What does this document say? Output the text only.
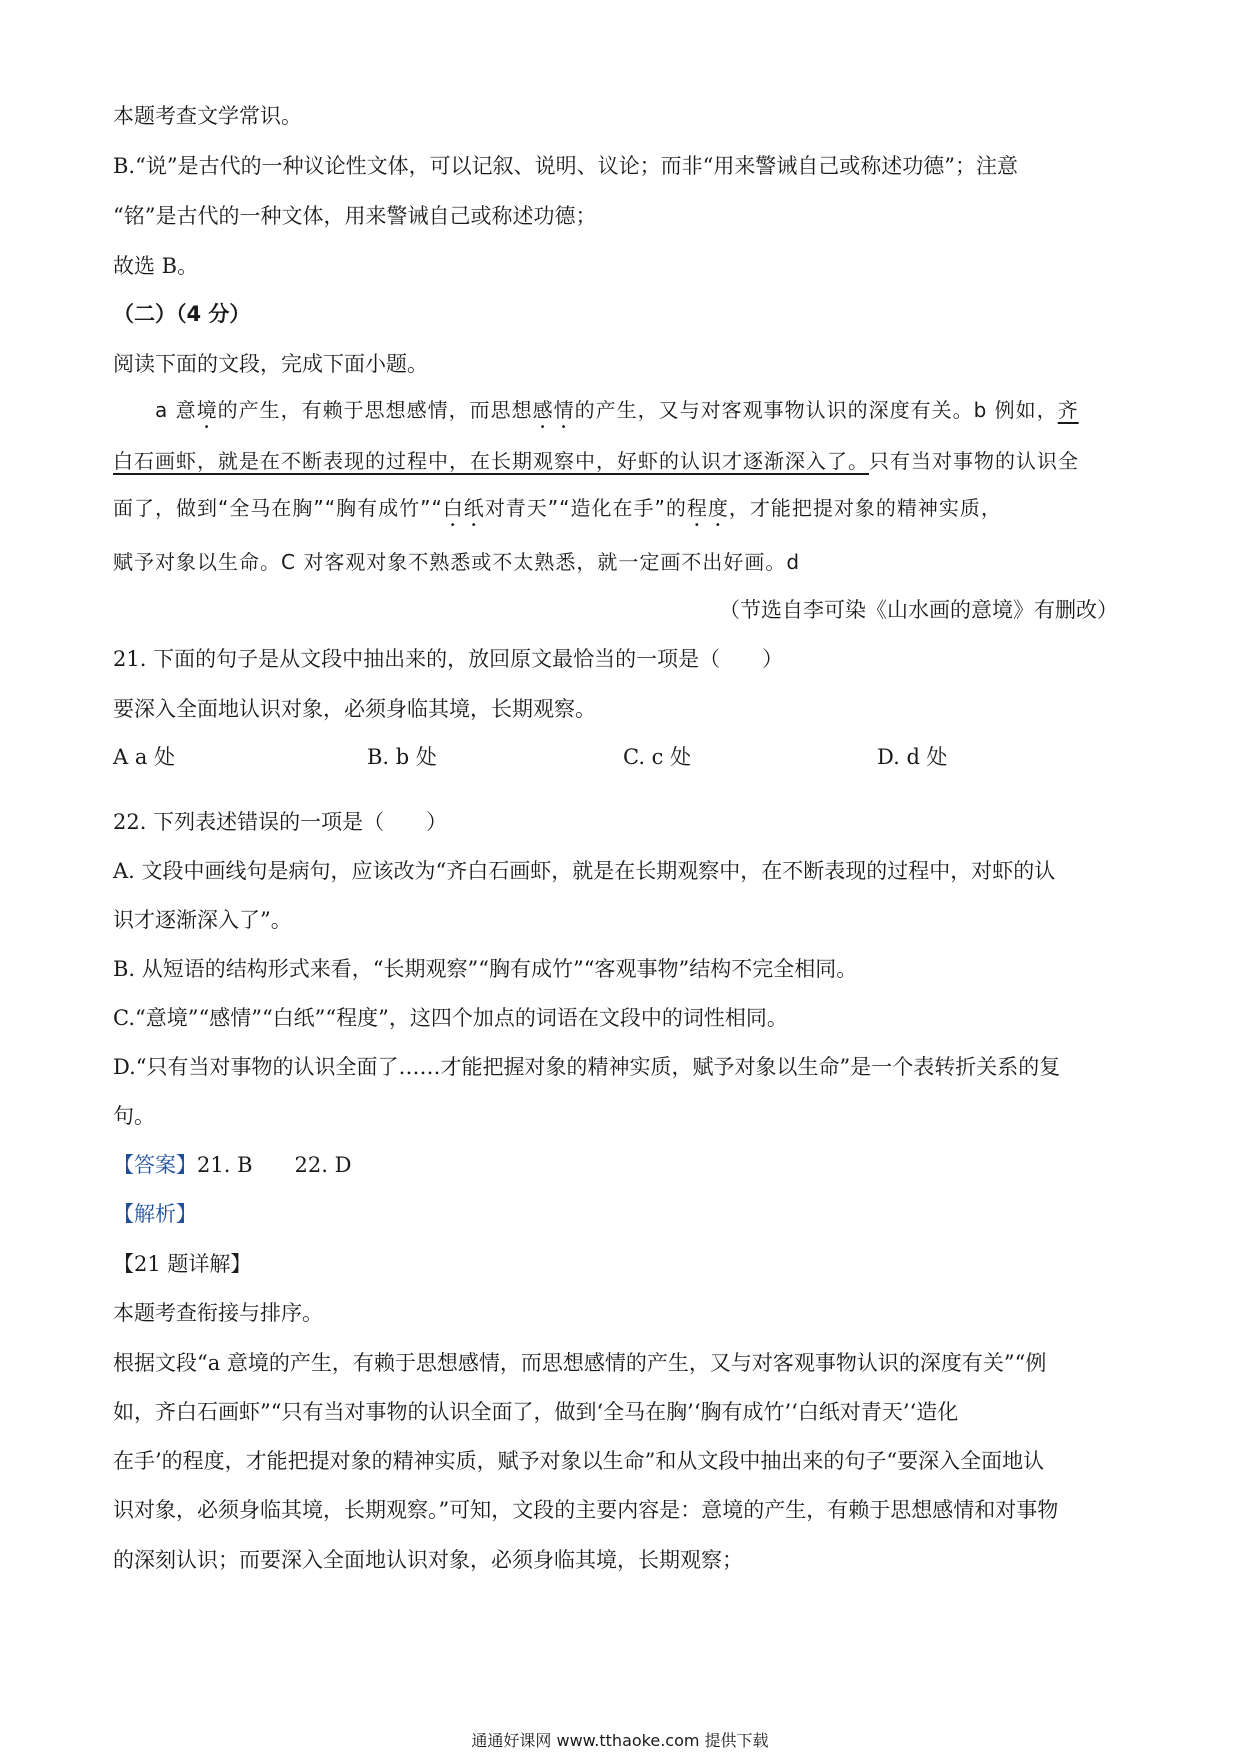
本题考查文学常识。
B.“说”是古代的一种议论性文体，可以记叙、说明、议论；而非“用来警诫自己或称述功德”；注意
“铭”是古代的一种文体，用来警诫自己或称述功德；
故选 B。
（二）（4 分）
阅读下面的文段，完成下面小题。
a 意境的产生，有赖于思想感情，而思想感情的产生，又与对客观事物认识的深度有关。b 例如，齐
白石画虾，就是在不断表现的过程中，在长期观察中，好虾的认识才逐渐深入了。只有当对事物的认识全
面了，做到“全马在胸”“胸有成竹”“白纸对青天”“造化在手”的程度，才能把提对象的精神实质，
赋予对象以生命。C 对客观对象不熟悉或不太熟悉，就一定画不出好画。d
（节选自李可染《山水画的意境》有删改）
21. 下面的句子是从文段中抽出来的，放回原文最恰当的一项是（　　）
要深入全面地认识对象，必须身临其境，长期观察。
A a 处	B. b 处	C. c 处	D. d 处
22. 下列表述错误的一项是（　　）
A. 文段中画线句是病句，应该改为“齐白石画虾，就是在长期观察中，在不断表现的过程中，对虾的认
识才逐渐深入了”。
B. 从短语的结构形式来看，“长期观察”“胸有成竹”“客观事物”结构不完全相同。
C.“意境”“感情”“白纸”“程度”，这四个加点的词语在文段中的词性相同。
D.“只有当对事物的认识全面了……才能把握对象的精神实质，赋予对象以生命”是一个表转折关系的复
句。
【答案】21. B　　22. D
【解析】
【21 题详解】
本题考查衔接与排序。
根据文段“a 意境的产生，有赖于思想感情，而思想感情的产生，又与对客观事物认识的深度有关”“例
如，齐白石画虾”“只有当对事物的认识全面了，做到‘全马在胸’‘胸有成竹’‘白纸对青天’‘造化
在手’的程度，才能把提对象的精神实质，赋予对象以生命”和从文段中抽出来的句子“要深入全面地认
识对象，必须身临其境，长期观察。”可知，文段的主要内容是：意境的产生，有赖于思想感情和对事物
的深刻认识；而要深入全面地认识对象，必须身临其境，长期观察；
通通好课网 www.tthaoke.com 提供下载
